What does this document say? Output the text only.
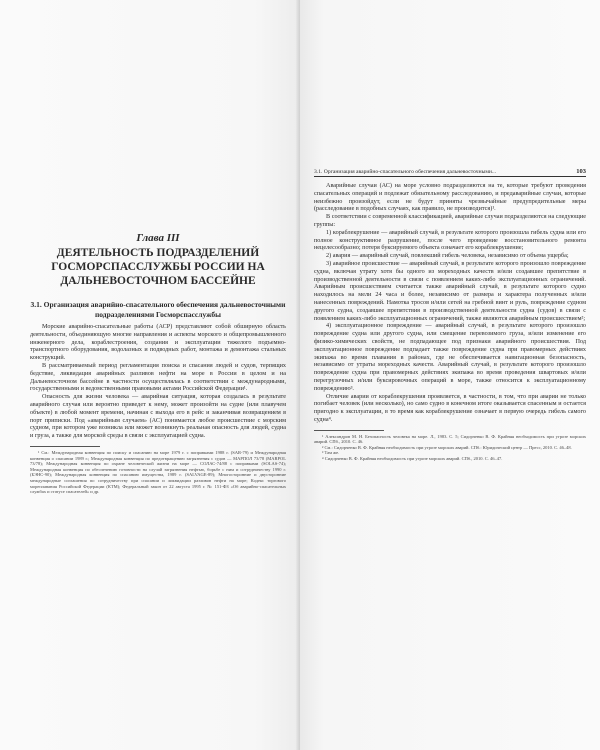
Глава III
ДЕЯТЕЛЬНОСТЬ ПОДРАЗДЕЛЕНИЙ ГОСМОРСПАССЛУЖБЫ РОССИИ НА ДАЛЬНЕВОСТОЧНОМ БАССЕЙНЕ
3.1. Организация аварийно-спасательного обеспечения дальневосточными подразделениями Госморспасслужбы

Морские аварийно-спасательные работы (АСР) представляют собой обширную область деятельности, объединяющую многие направления и аспекты морского и общепромышленного инженерного дела, кораблестроения, создания и эксплуатации тяжелого подъемно-транспортного оборудования, водолазных и подводных работ, монтажа и демонтажа стальных конструкций.

В рассматриваемый период регламентация поиска и спасания людей и судов, терпящих бедствие, ликвидация аварийных разливов нефти на море в России в целом и на Дальневосточном бассейне в частности осуществлялась в соответствии с международными, государственными и ведомственными правовыми актами Российской Федерации¹.

Опасность для жизни человека — аварийная ситуация, которая создалась в результате аварийного случая или вероятно приведет к нему, может произойти на судне (или плавучем объекте) в любой момент времени, начиная с выхода его в рейс и заканчивая возвращением в порт приписки. Под «аварийным случаем» (АС) понимается любое происшествие с морским судном, при котором уже возникла или может возникнуть реальная опасность для людей, судна и груза, а также для морской среды в связи с эксплуатацией судна.

¹ См.: Международная конвенция по поиску и спасанию на море 1979 г. с поправками 1988 г. (SAR-79) и Международная конвенция о спасании 1989 г.; Международная конвенция по предотвращению загрязнения с судов — МАРПОЛ 73/78 (MARPOL 73/78); Международная конвенция по охране человеческой жизни на море — СОЛАС-74/88 с поправками (SOLAS-74); Международная конвенция по обеспечению готовности на случай загрязнения нефтью, борьбе с ним и сотрудничеству 1990 г. (БЭНС-90); Международная конвенция по спасанию имущества, 1989 г. (SALVAGE-89); Многосторонние и двусторонние международные соглашения по сотрудничеству при спасании и ликвидации разливов нефти на море; Кодекс торгового мореплавания Российской Федерации (КТМ); Федеральный закон от 22 августа 1995 г. № 151-ФЗ «Об аварийно-спасательных службах и статусе спасателей» и др.

3.1. Организация аварийно-спасательного обеспечения дальневосточными...	103

Аварийные случаи (АС) на море условно подразделяются на те, которые требуют проведения спасательных операций и подлежат обязательному расследованию, и предаварийные случаи, которые неизбежно произойдут, если не будут приняты чрезвычайные предупредительные меры (расследование в подобных случаях, как правило, не производится)¹.

В соответствии с современной классификацией, аварийные случаи подразделяются на следующие группы:

1) кораблекрушение — аварийный случай, в результате которого произошла гибель судна или его полное конструктивное разрушение, после чего проведение восстановительного ремонта нецелесообразно; потеря буксируемого объекта означает его кораблекрушение;

2) авария — аварийный случай, повлекший гибель человека, независимо от объема ущерба;

3) аварийное происшествие — аварийный случай, в результате которого произошло повреждение судна, включая утрату хотя бы одного из мореходных качеств и/или создавшее препятствие в производственной деятельности в связи с появлением каких-либо эксплуатационных ограничений. Аварийным происшествием считается также аварийный случай, в результате которого судно находилось на мели 24 часа и более, независимо от размера и характера полученных и/или нанесенных повреждений. Намотка тросов и/или сетей на гребной винт и руль, повреждение судном другого судна, создавшее препятствия в производственной деятельности судна (судов) в связи с появлением каких-либо эксплуатационных ограничений, также являются аварийным происшествием²;

4) эксплуатационное повреждение — аварийный случай, в результате которого произошло повреждение судна или другого судна, или смещение перевозимого груза, и/или изменение его физико-химических свойств, не подпадающее под признаки аварийного происшествия. Под эксплуатационное повреждение подпадает также повреждение судна при правомерных действиях экипажа во время плавания в районах, где не обеспечивается навигационная безопасность, независимо от утраты мореходных качеств. Аварийный случай, в результате которого произошло повреждение судна при правомерных действиях экипажа во время проведения швартовых и/или перегрузочных и/или буксировочных операций в море, также относится к эксплуатационному повреждению³.

Отличие аварии от кораблекрушения проявляется, в частности, в том, что при аварии не только погибает человек (или несколько), но само судно в конечном итоге оказывается спасенным и остается пригодно к эксплуатации, в то время как кораблекрушение означает в первую очередь гибель самого судна⁴.

¹ Александров М. Н. Безопасность человека на море. Л., 1983. С. 5; Сидорченко В. Ф. Крайняя необходимость при угрозе морских аварий. СПб., 2010. С. 46.

² См.: Сидорченко В. Ф. Крайняя необходимость при угрозе морских аварий. СПб.: Юридический центр — Пресс, 2010. С. 46–48.

³ Там же.

⁴ Сидорченко В. Ф. Крайняя необходимость при угрозе морских аварий. СПб., 2010. С. 46–47.
